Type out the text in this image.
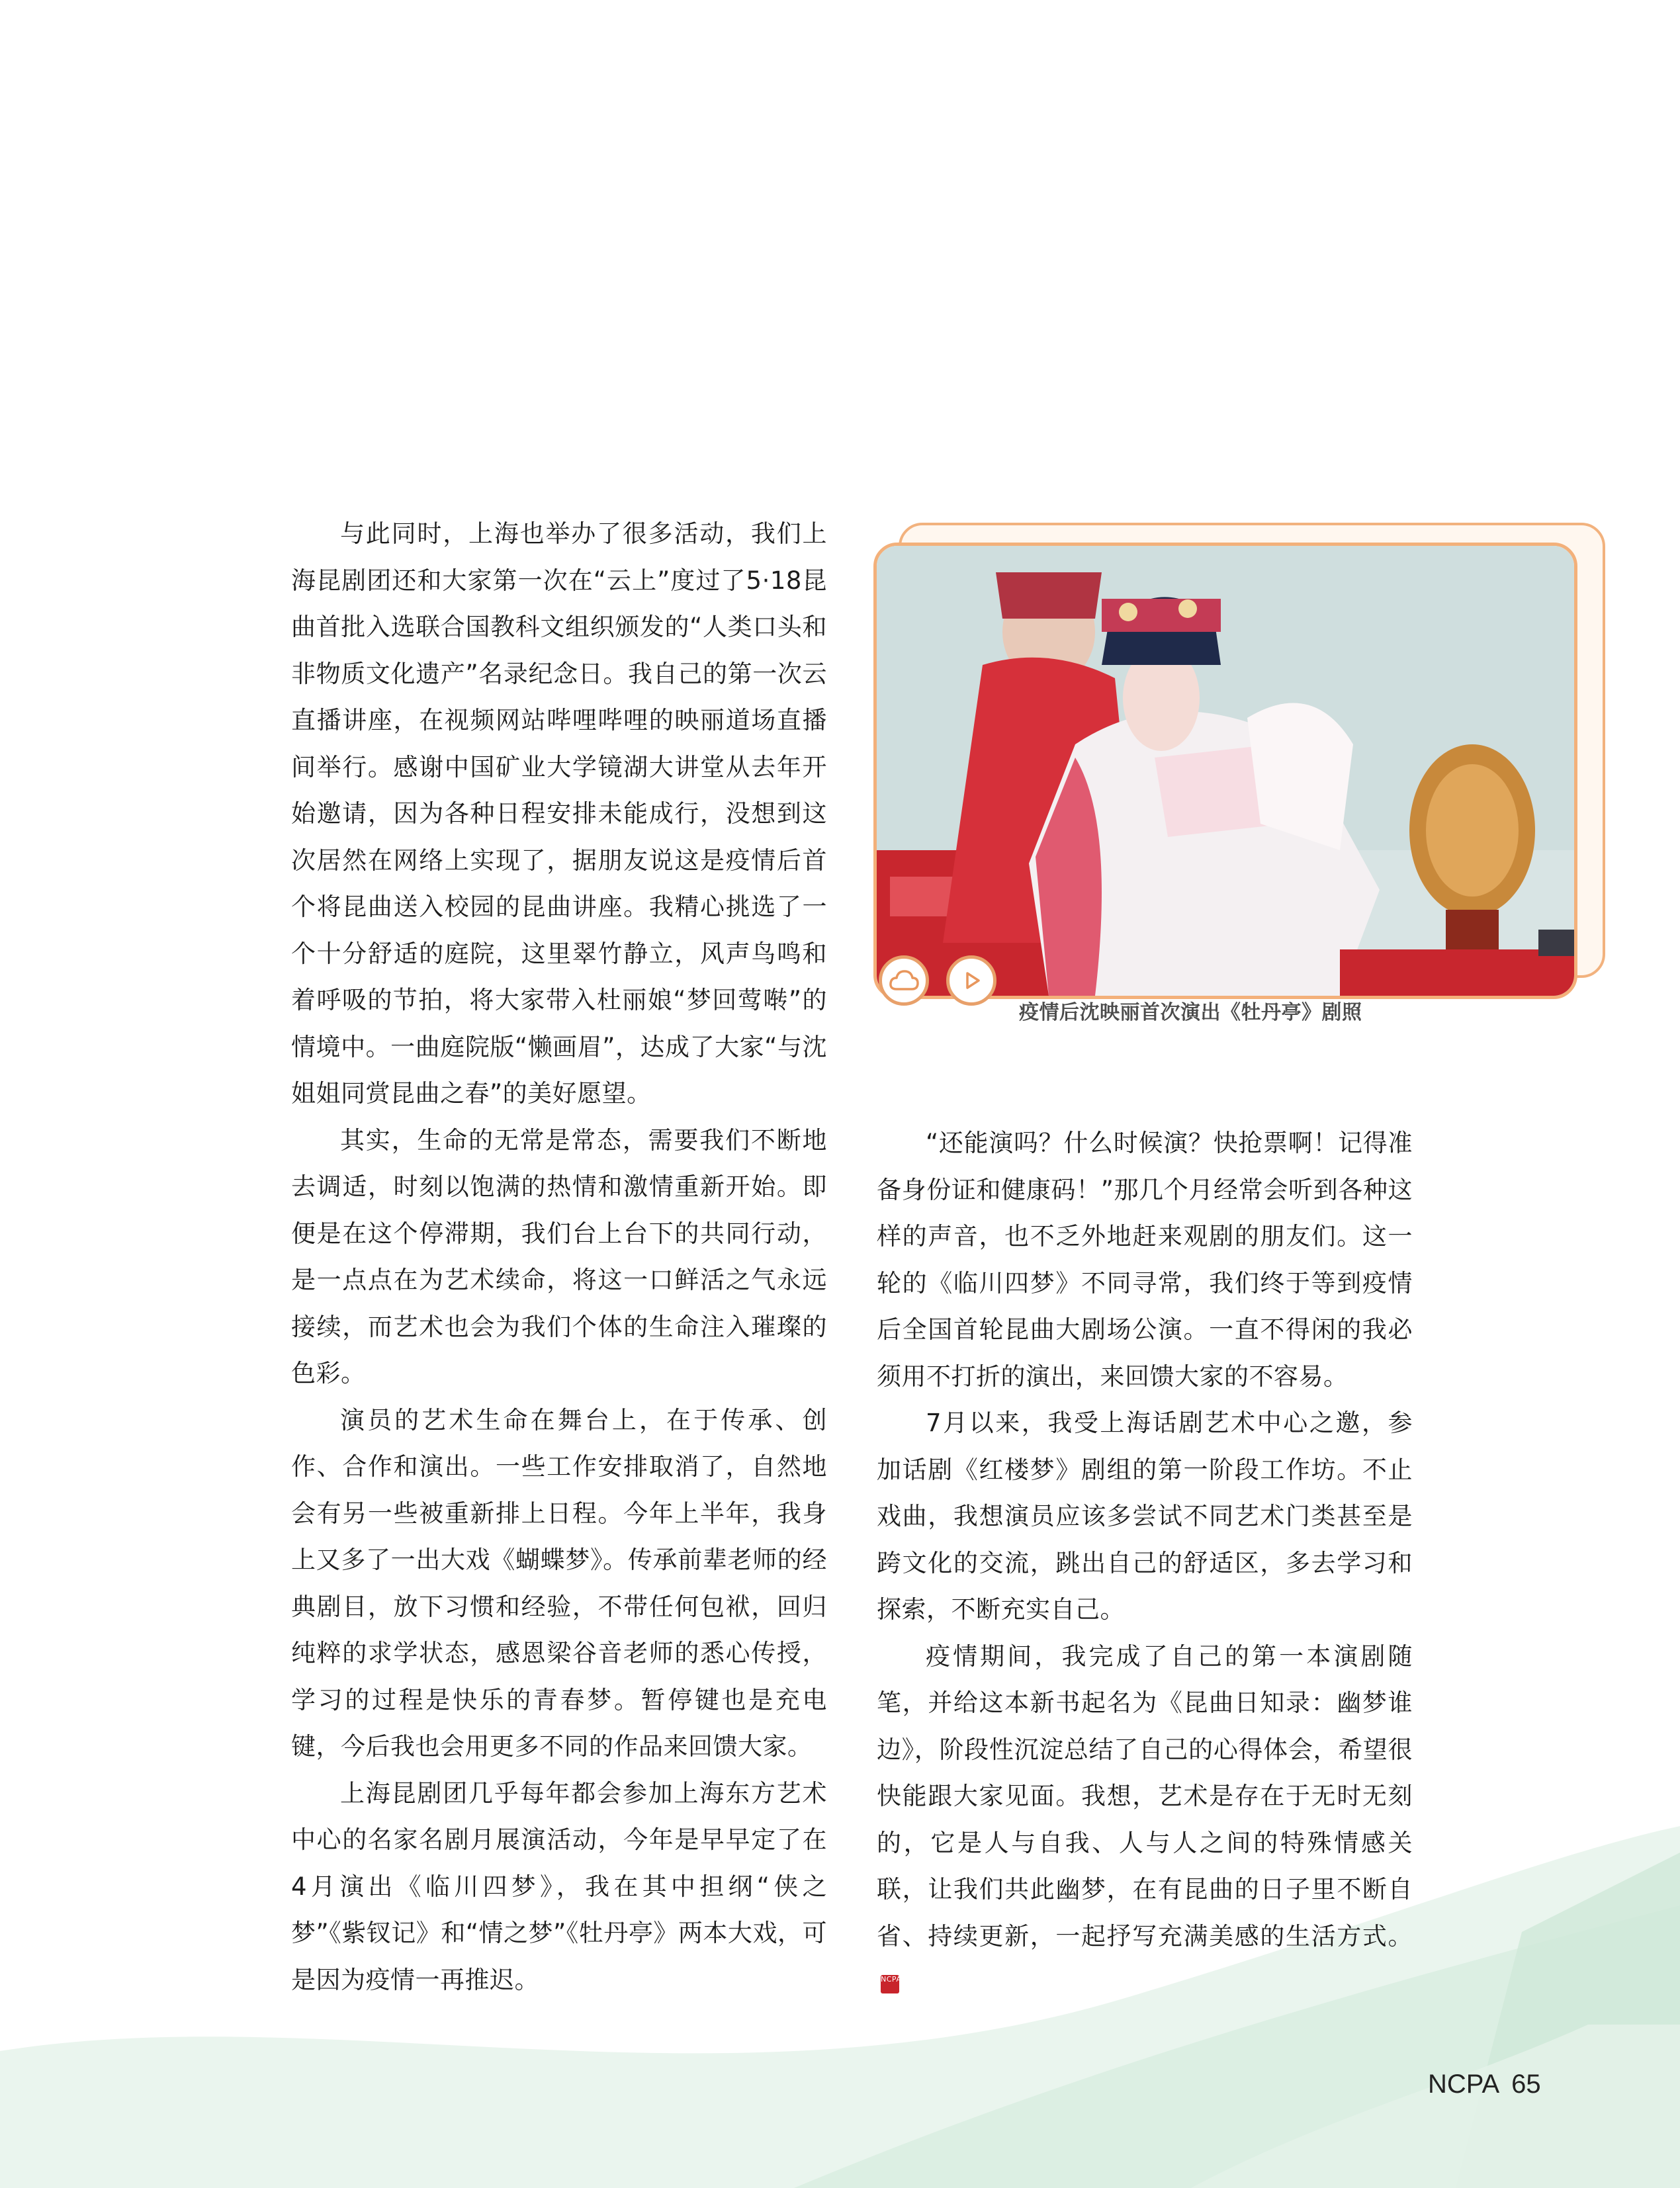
疫情后沈映丽首次演出《牡丹亭》剧照

与此同时，上海也举办了很多活动，我们上海昆剧团还和大家第一次在“云上”度过了5·18昆曲首批入选联合国教科文组织颁发的“人类口头和非物质文化遗产”名录纪念日。我自己的第一次云直播讲座，在视频网站哔哩哔哩的映丽道场直播间举行。感谢中国矿业大学镜湖大讲堂从去年开始邀请，因为各种日程安排未能成行，没想到这次居然在网络上实现了，据朋友说这是疫情后首个将昆曲送入校园的昆曲讲座。我精心挑选了一个十分舒适的庭院，这里翠竹静立，风声鸟鸣和着呼吸的节拍，将大家带入杜丽娘“梦回莺啭”的情境中。一曲庭院版“懒画眉”，达成了大家“与沈姐姐同赏昆曲之春”的美好愿望。

其实，生命的无常是常态，需要我们不断地去调适，时刻以饱满的热情和激情重新开始。即便是在这个停滞期，我们台上台下的共同行动，是一点点在为艺术续命，将这一口鲜活之气永远接续，而艺术也会为我们个体的生命注入璀璨的色彩。

演员的艺术生命在舞台上，在于传承、创作、合作和演出。一些工作安排取消了，自然地会有另一些被重新排上日程。今年上半年，我身上又多了一出大戏《蝴蝶梦》。传承前辈老师的经典剧目，放下习惯和经验，不带任何包袱，回归纯粹的求学状态，感恩梁谷音老师的悉心传授，学习的过程是快乐的青春梦。暂停键也是充电键，今后我也会用更多不同的作品来回馈大家。

上海昆剧团几乎每年都会参加上海东方艺术中心的名家名剧月展演活动，今年是早早定了在4月演出《临川四梦》，我在其中担纲“侠之梦”《紫钗记》和“情之梦”《牡丹亭》两本大戏，可是因为疫情一再推迟。

“还能演吗？什么时候演？快抢票啊！记得准备身份证和健康码！”那几个月经常会听到各种这样的声音，也不乏外地赶来观剧的朋友们。这一轮的《临川四梦》不同寻常，我们终于等到疫情后全国首轮昆曲大剧场公演。一直不得闲的我必须用不打折的演出，来回馈大家的不容易。

7月以来，我受上海话剧艺术中心之邀，参加话剧《红楼梦》剧组的第一阶段工作坊。不止戏曲，我想演员应该多尝试不同艺术门类甚至是跨文化的交流，跳出自己的舒适区，多去学习和探索，不断充实自己。

疫情期间，我完成了自己的第一本演剧随笔，并给这本新书起名为《昆曲日知录：幽梦谁边》，阶段性沉淀总结了自己的心得体会，希望很快能跟大家见面。我想，艺术是存在于无时无刻的，它是人与自我、人与人之间的特殊情感关联，让我们共此幽梦，在有昆曲的日子里不断自省、持续更新，一起抒写充满美感的生活方式。NCPA

NCPA 65
